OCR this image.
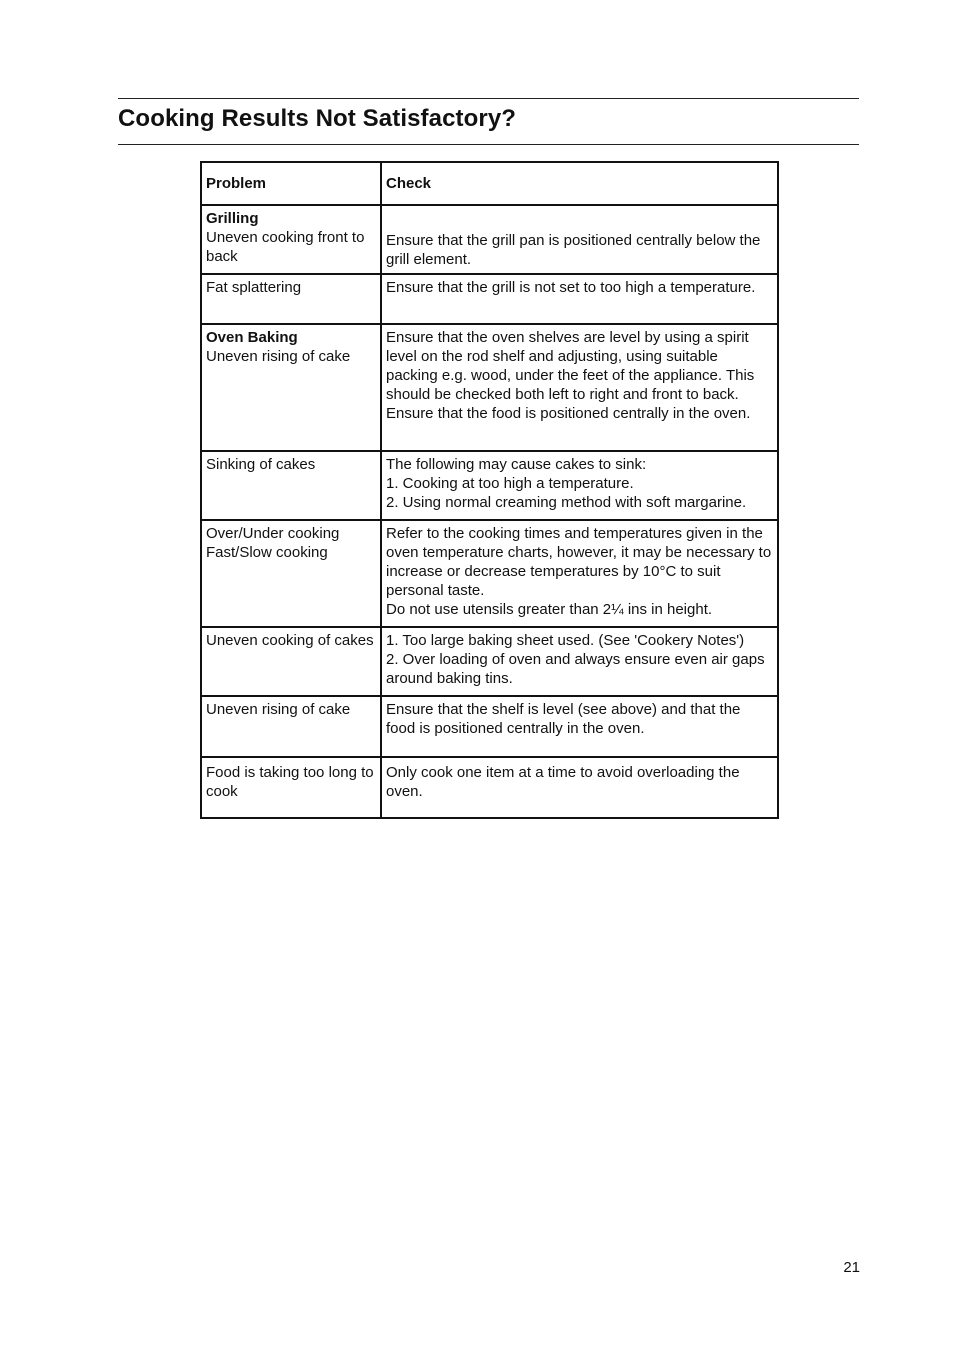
Cooking Results Not Satisfactory?
Problem	Check

Grilling
Uneven cooking front to back	Ensure that the grill pan is positioned centrally below the grill element.

Fat splattering	Ensure that the grill is not set to too high a temperature.

Oven Baking
Uneven rising of cake	Ensure that the oven shelves are level by using a spirit level on the rod shelf and adjusting, using suitable packing e.g. wood, under the feet of the appliance. This should be checked both left to right and front to back. Ensure that the food is positioned centrally in the oven.

Sinking of cakes	The following may cause cakes to sink:
1. Cooking at too high a temperature.
2. Using normal creaming method with soft margarine.

Over/Under cooking
Fast/Slow cooking	Refer to the cooking times and temperatures given in the oven temperature charts, however, it may be necessary to increase or decrease temperatures by 10°C to suit personal taste.
Do not use utensils greater than 2¼ ins in height.

Uneven cooking of cakes	1. Too large baking sheet used. (See 'Cookery Notes')
2. Over loading of oven and always ensure even air gaps around baking tins.

Uneven rising of cake	Ensure that the shelf is level (see above) and that the food is positioned centrally in the oven.

Food is taking too long to cook	Only cook one item at a time to avoid overloading the oven.
21
